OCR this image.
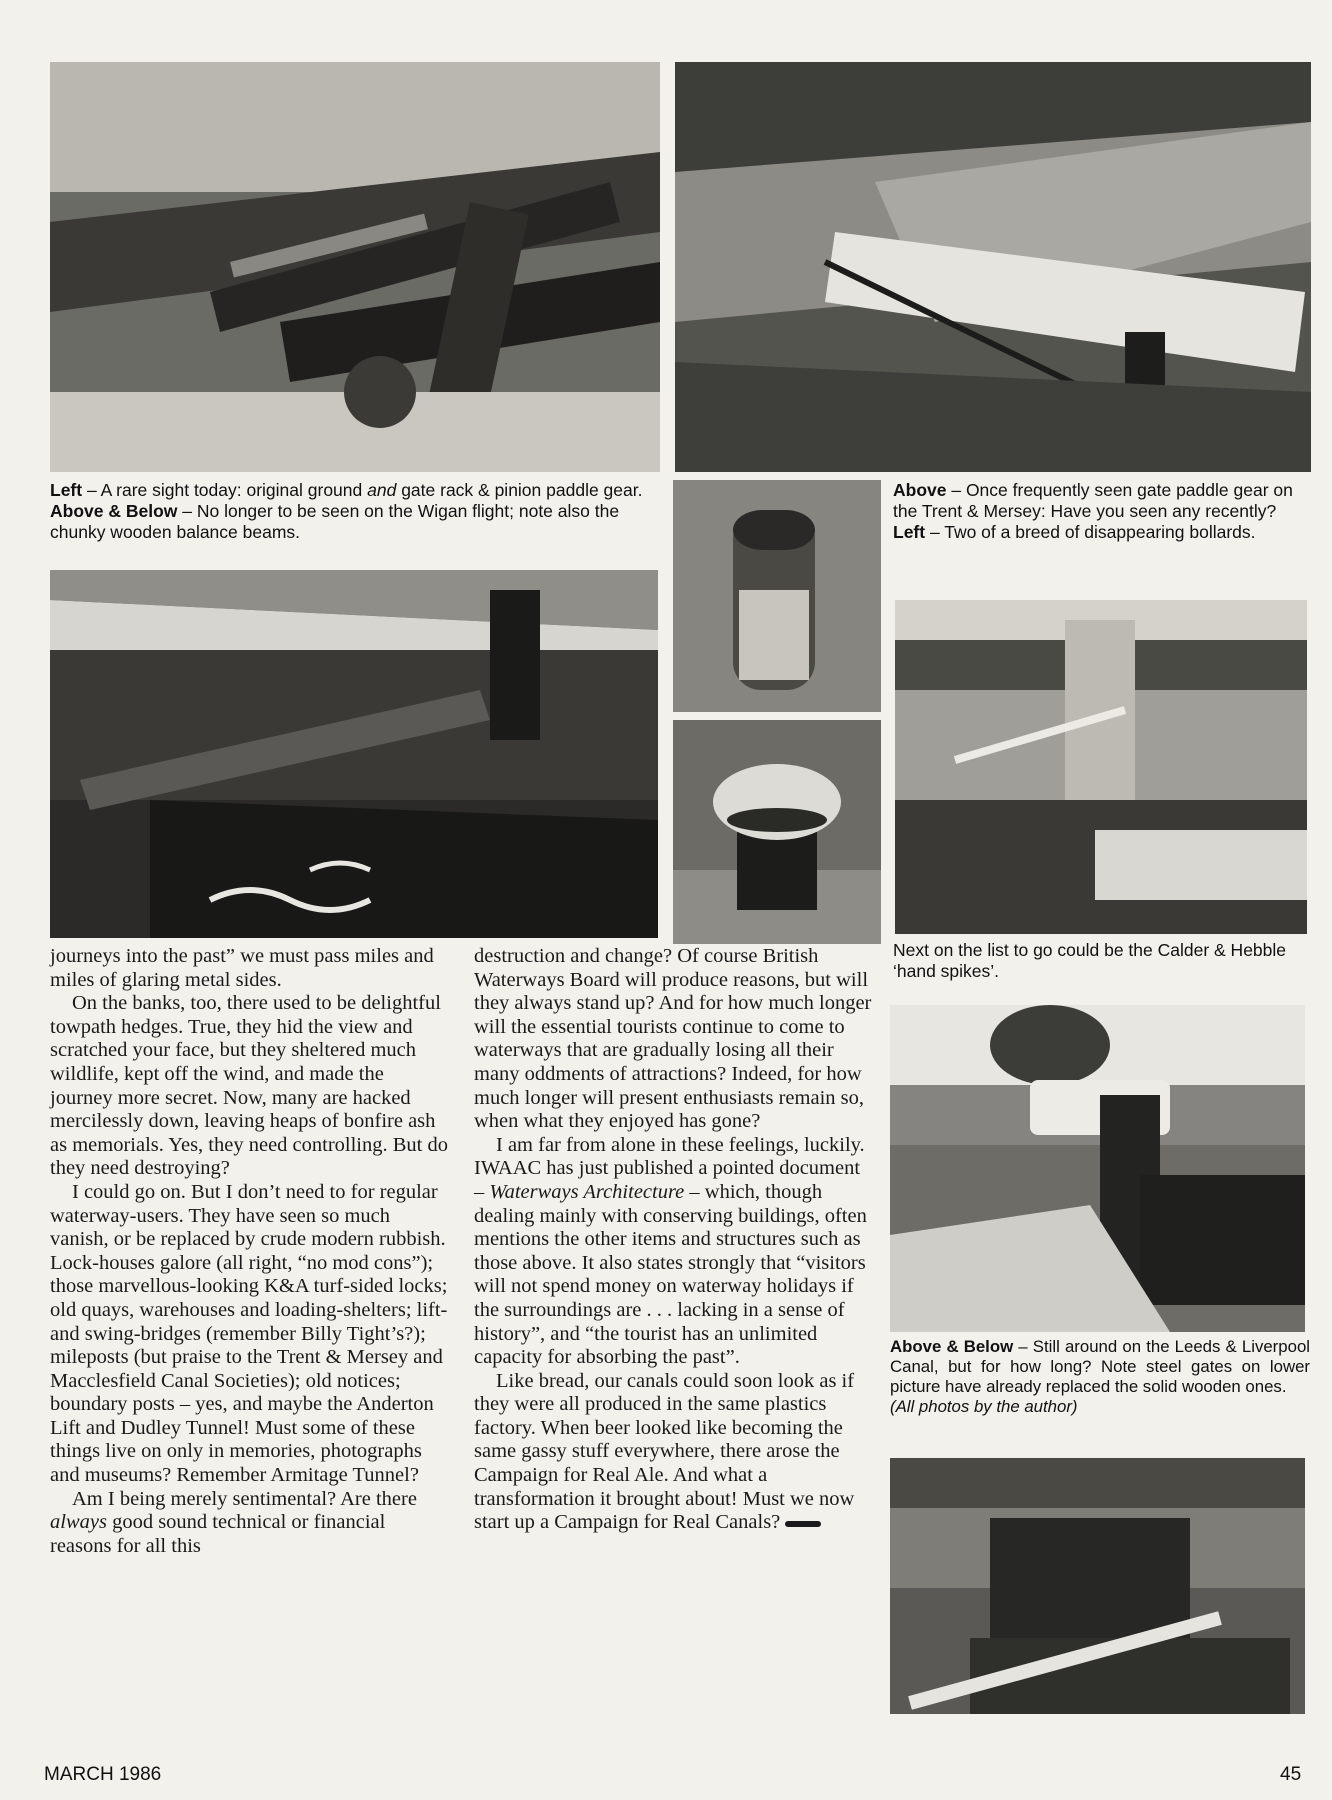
Left – A rare sight today: original ground and gate rack & pinion paddle gear.
Above & Below – No longer to be seen on the Wigan flight; note also the chunky wooden balance beams.

Above – Once frequently seen gate paddle gear on the Trent & Mersey: Have you seen any recently?
Left – Two of a breed of disappearing bollards.

Next on the list to go could be the Calder & Hebble ‘hand spikes’.

Above & Below – Still around on the Leeds & Liverpool Canal, but for how long? Note steel gates on lower picture have already replaced the solid wooden ones.
(All photos by the author)

journeys into the past” we must pass miles and miles of glaring metal sides.

On the banks, too, there used to be delightful towpath hedges. True, they hid the view and scratched your face, but they sheltered much wildlife, kept off the wind, and made the journey more secret. Now, many are hacked mercilessly down, leaving heaps of bonfire ash as memorials. Yes, they need controlling. But do they need destroying?

I could go on. But I don’t need to for regular waterway-users. They have seen so much vanish, or be replaced by crude modern rubbish. Lock-houses galore (all right, “no mod cons”); those marvellous-looking K&A turf-sided locks; old quays, warehouses and loading-shelters; lift- and swing-bridges (remember Billy Tight’s?); mileposts (but praise to the Trent & Mersey and Macclesfield Canal Societies); old notices; boundary posts – yes, and maybe the Anderton Lift and Dudley Tunnel! Must some of these things live on only in memories, photographs and museums? Remember Armitage Tunnel?

Am I being merely sentimental? Are there always good sound technical or financial reasons for all this

destruction and change? Of course British Waterways Board will produce reasons, but will they always stand up? And for how much longer will the essential tourists continue to come to waterways that are gradually losing all their many oddments of attractions? Indeed, for how much longer will present enthusiasts remain so, when what they enjoyed has gone?

I am far from alone in these feelings, luckily. IWAAC has just published a pointed document – Waterways Architecture – which, though dealing mainly with conserving buildings, often mentions the other items and structures such as those above. It also states strongly that “visitors will not spend money on waterway holidays if the surroundings are . . . lacking in a sense of history”, and “the tourist has an unlimited capacity for absorbing the past”.

Like bread, our canals could soon look as if they were all produced in the same plastics factory. When beer looked like becoming the same gassy stuff everywhere, there arose the Campaign for Real Ale. And what a transformation it brought about! Must we now start up a Campaign for Real Canals?

MARCH 1986	45
